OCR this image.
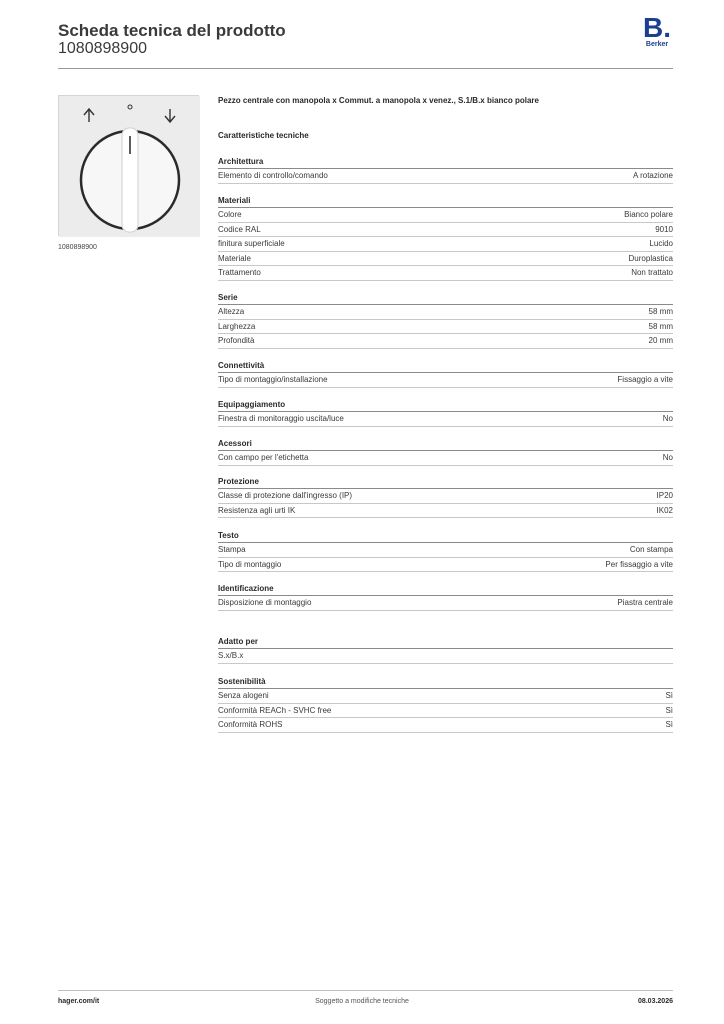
Scheda tecnica del prodotto
1080898900
B.
Berker
1080898900
Pezzo centrale con manopola x Commut. a manopola x venez., S.1/B.x bianco polare
Caratteristiche tecniche
Architettura
Elemento di controllo/comando	A rotazione
Materiali
Colore	Bianco polare
Codice RAL	9010
finitura superficiale	Lucido
Materiale	Duroplastica
Trattamento	Non trattato
Serie
Altezza	58 mm
Larghezza	58 mm
Profondità	20 mm
Connettività
Tipo di montaggio/installazione	Fissaggio a vite
Equipaggiamento
Finestra di monitoraggio uscita/luce	No
Acessori
Con campo per l'etichetta	No
Protezione
Classe di protezione dall'ingresso (IP)	IP20
Resistenza agli urti IK	IK02
Testo
Stampa	Con stampa
Tipo di montaggio	Per fissaggio a vite
Identificazione
Disposizione di montaggio	Piastra centrale
Adatto per
S.x/B.x
Sostenibilità
Senza alogeni	Sì
Conformità REACh - SVHC free	Sì
Conformità ROHS	Sì
hager.com/it	Soggetto a modifiche tecniche	08.03.2026
